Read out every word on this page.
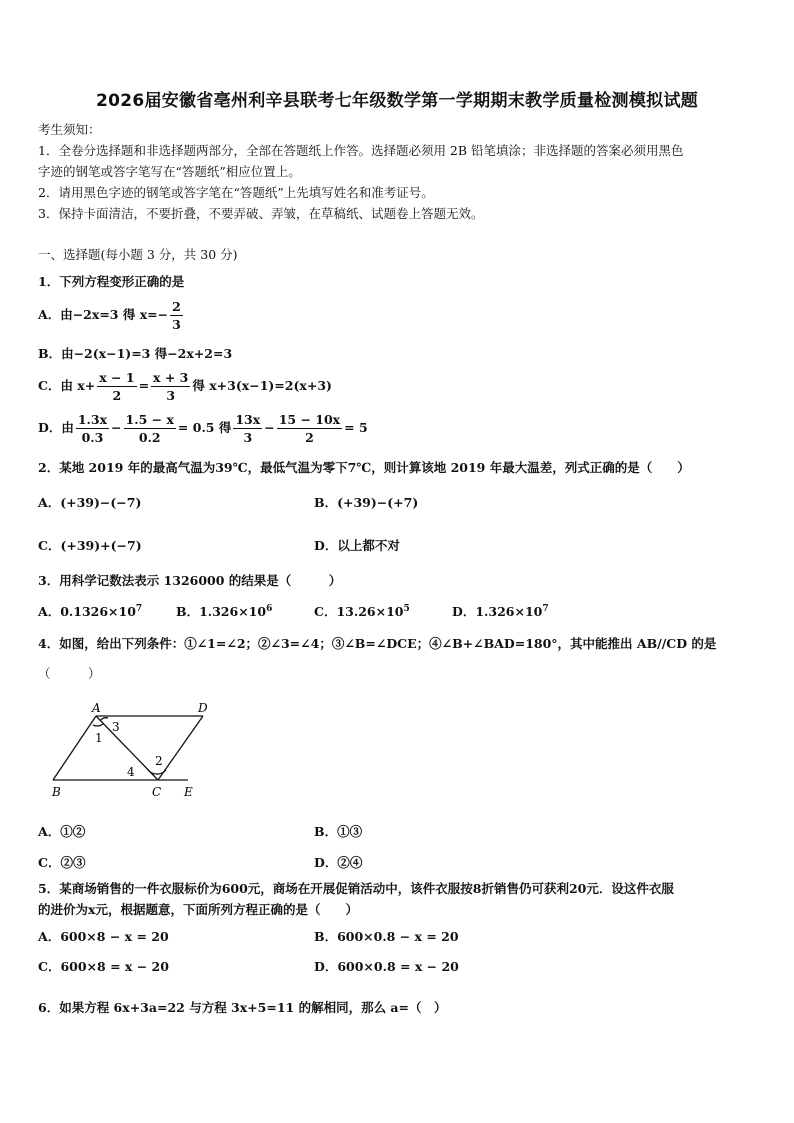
2026届安徽省亳州利辛县联考七年级数学第一学期期末教学质量检测模拟试题
考生须知：
1．全卷分选择题和非选择题两部分，全部在答题纸上作答。选择题必须用 2B 铅笔填涂；非选择题的答案必须用黑色
字迹的钢笔或答字笔写在“答题纸”相应位置上。
2．请用黑色字迹的钢笔或答字笔在“答题纸”上先填写姓名和准考证号。
3．保持卡面清洁，不要折叠，不要弄破、弄皱，在草稿纸、试题卷上答题无效。
一、选择题(每小题 3 分，共 30 分)
1．下列方程变形正确的是
A．由−2x=3 得 $x=- \frac{2}{3}$
B．由−2(x−1)=3 得−2x+2=3
C．由 $x+ \frac{x - 1}{2} = \frac{x + 3}{3}$ 得 x+3(x−1)=2(x+3)
D．由 $\frac{1.3x}{0.3} - \frac{1.5 - x}{0.2} = 0.5$ 得 $\frac{13x}{3} - \frac{15 - 10x}{2} = 5$
2．某地 2019 年的最高气温为39℃，最低气温为零下7℃，则计算该地 2019 年最大温差，列式正确的是（　　）
A．(+39)−(−7)	B．(+39)−(+7)
C．(+39)+(−7)	D．以上都不对
3．用科学记数法表示 1326000 的结果是（　　　）
A．$0.1326\times 10^7$	B．$1.326\times 10^6$	C．$13.26\times 10^5$	D．$1.326\times 10^7$
4．如图，给出下列条件：①∠1=∠2；②∠3=∠4；③∠B=∠DCE；④∠B+∠BAD=180°，其中能推出 AB//CD 的是
（　　　）
A	D
B	C E
1
3
2
4
A．①②	B．①③
C．②③	D．②④
5．某商场销售的一件衣服标价为600元，商场在开展促销活动中，该件衣服按8折销售仍可获利20元．设这件衣服
的进价为x元，根据题意，下面所列方程正确的是（　　）
A．600×8 − x = 20	B．600×0.8 − x = 20
C．600×8 = x − 20	D．600×0.8 = x − 20
6．如果方程 6x+3a=22 与方程 3x+5=11 的解相同，那么 a=（　）
